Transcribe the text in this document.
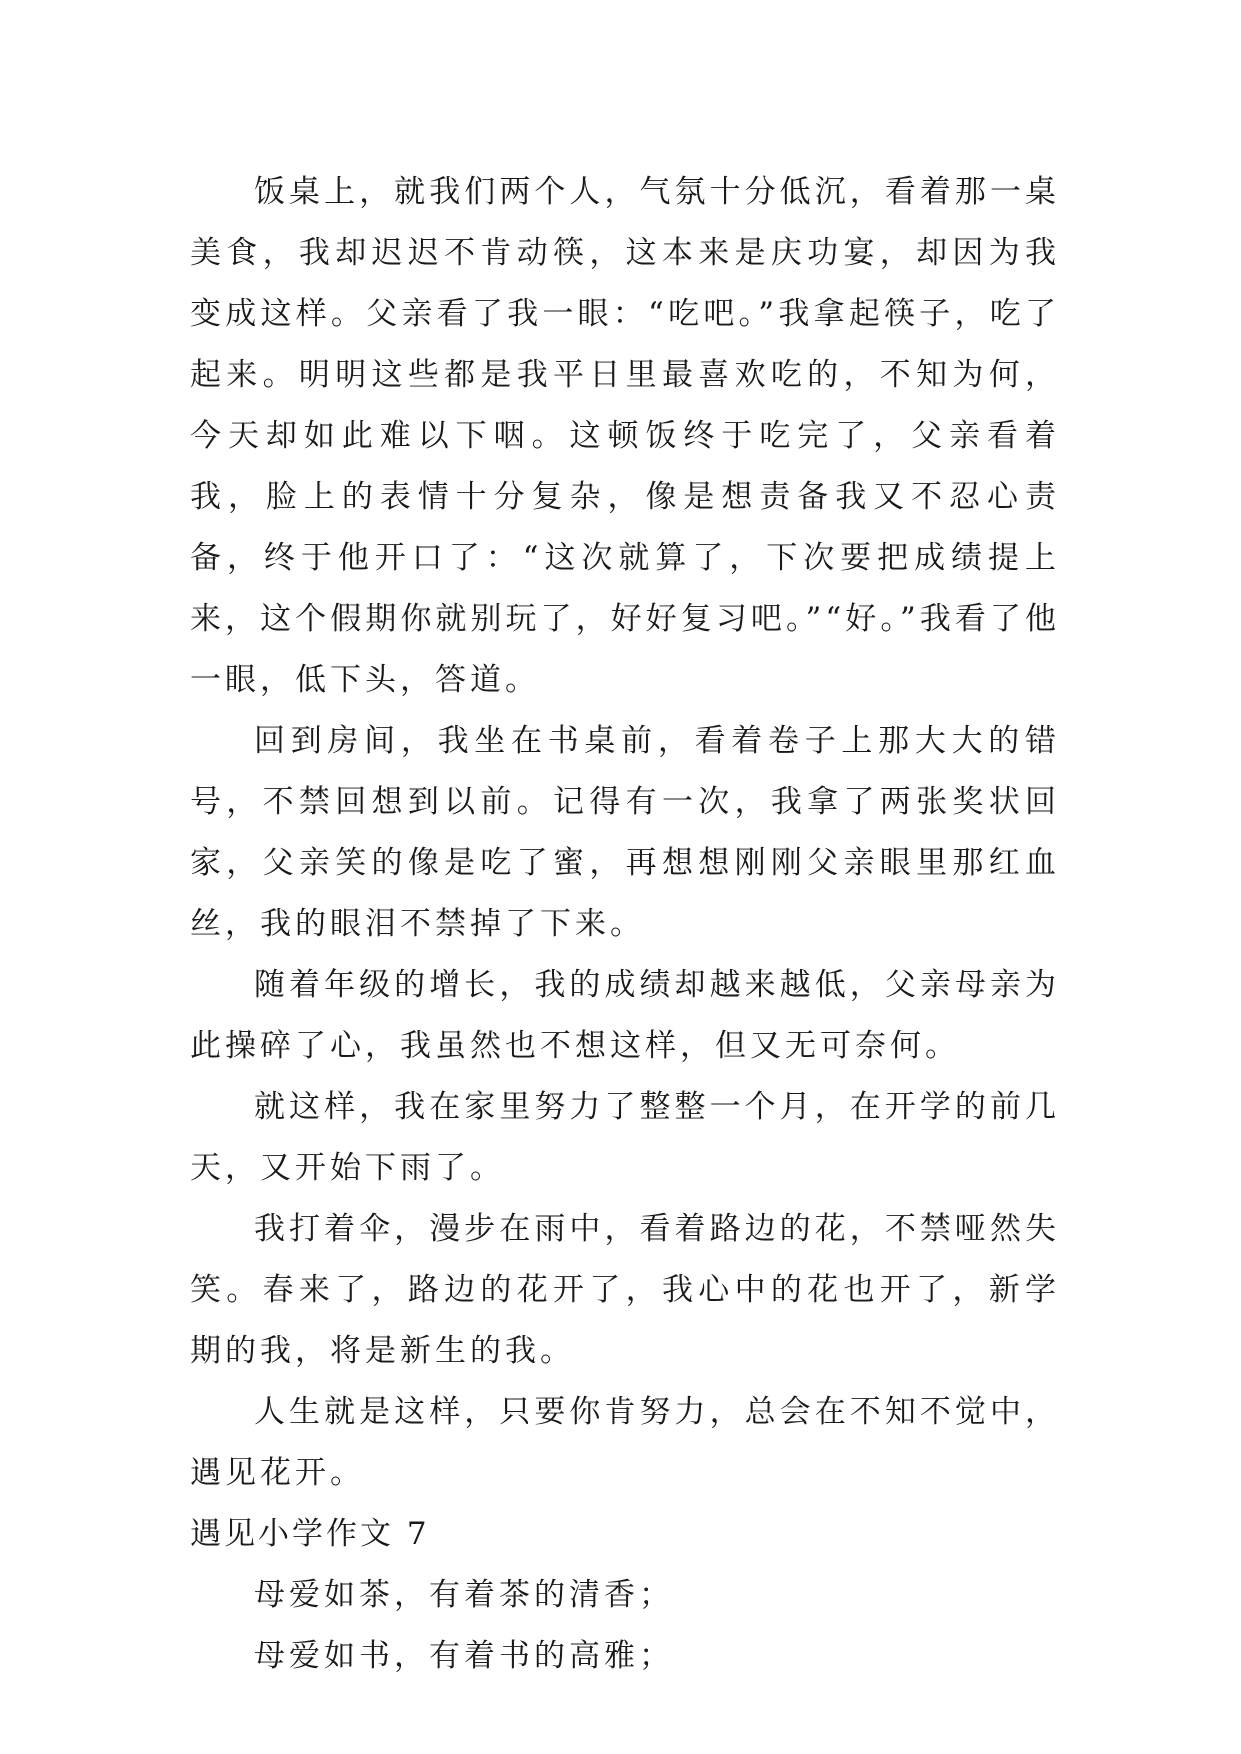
饭桌上，就我们两个人，气氛十分低沉，看着那一桌美食，我却迟迟不肯动筷，这本来是庆功宴，却因为我变成这样。父亲看了我一眼：“吃吧。”我拿起筷子，吃了起来。明明这些都是我平日里最喜欢吃的，不知为何，今天却如此难以下咽。这顿饭终于吃完了，父亲看着我，脸上的表情十分复杂，像是想责备我又不忍心责备，终于他开口了：“这次就算了，下次要把成绩提上来，这个假期你就别玩了，好好复习吧。”“好。”我看了他一眼，低下头，答道。

回到房间，我坐在书桌前，看着卷子上那大大的错号，不禁回想到以前。记得有一次，我拿了两张奖状回家，父亲笑的像是吃了蜜，再想想刚刚父亲眼里那红血丝，我的眼泪不禁掉了下来。

随着年级的增长，我的成绩却越来越低，父亲母亲为此操碎了心，我虽然也不想这样，但又无可奈何。

就这样，我在家里努力了整整一个月，在开学的前几天，又开始下雨了。

我打着伞，漫步在雨中，看着路边的花，不禁哑然失笑。春来了，路边的花开了，我心中的花也开了，新学期的我，将是新生的我。

人生就是这样，只要你肯努力，总会在不知不觉中，遇见花开。

遇见小学作文 7

母爱如茶，有着茶的清香；

母爱如书，有着书的高雅；
